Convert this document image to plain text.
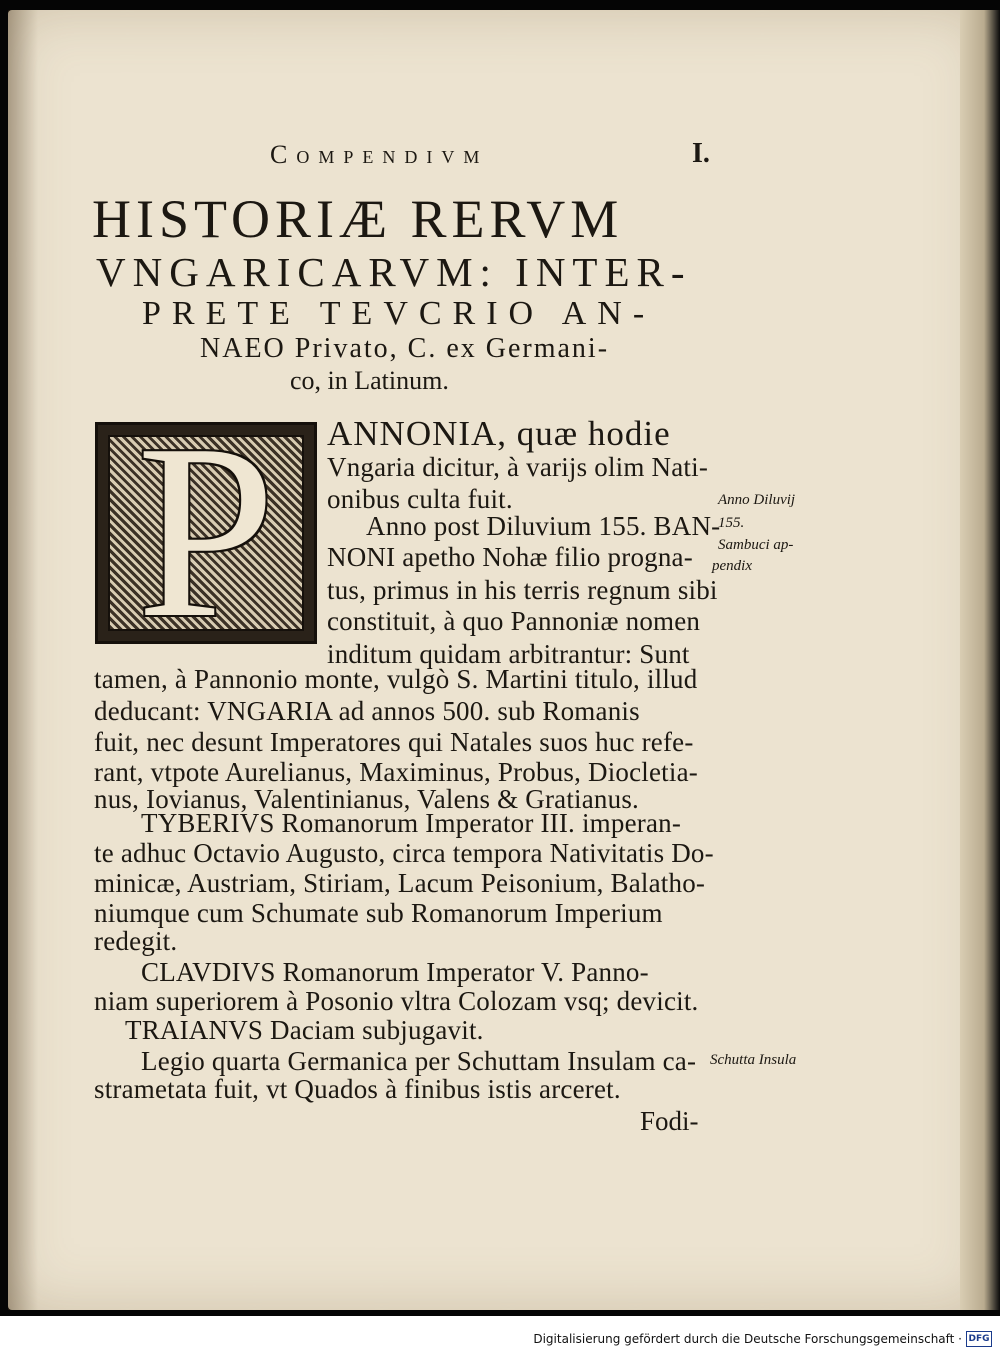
Compendivm	I.
HISTORIÆ RERVM
VNGARICARVM: INTER-
PRETE TEVCRIO AN-
NAEO Privato, C. ex Germani-
co, in Latinum.
P	ANNONIA, quæ hodie
Vngaria dicitur, à varijs olim Nati-
onibus culta fuit.
Anno post Diluvium 155. BAN-
NONI apetho Nohæ filio progna-
tus, primus in his terris regnum sibi
constituit, à quo Pannoniæ nomen
inditum quidam arbitrantur: Sunt
tamen, à Pannonio monte, vulgò S. Martini titulo, illud
deducant: VNGARIA ad annos 500. sub Romanis
fuit, nec desunt Imperatores qui Natales suos huc refe-
rant, vtpote Aurelianus, Maximinus, Probus, Diocletia-
nus, Iovianus, Valentinianus, Valens & Gratianus.
TYBERIVS Romanorum Imperator III. imperan-
te adhuc Octavio Augusto, circa tempora Nativitatis Do-
minicæ, Austriam, Stiriam, Lacum Peisonium, Balatho-
niumque cum Schumate sub Romanorum Imperium
redegit.
CLAVDIVS Romanorum Imperator V. Panno-
niam superiorem à Posonio vltra Colozam vsq; devicit.
TRAIANVS Daciam subjugavit.
Legio quarta Germanica per Schuttam Insulam ca-
strametata fuit, vt Quados à finibus istis arceret.
Fodi-
Anno Diluvij
155.
Sambuci ap-
pendix
Schutta Insula
Digitalisierung gefördert durch die Deutsche Forschungsgemeinschaft · DFG
